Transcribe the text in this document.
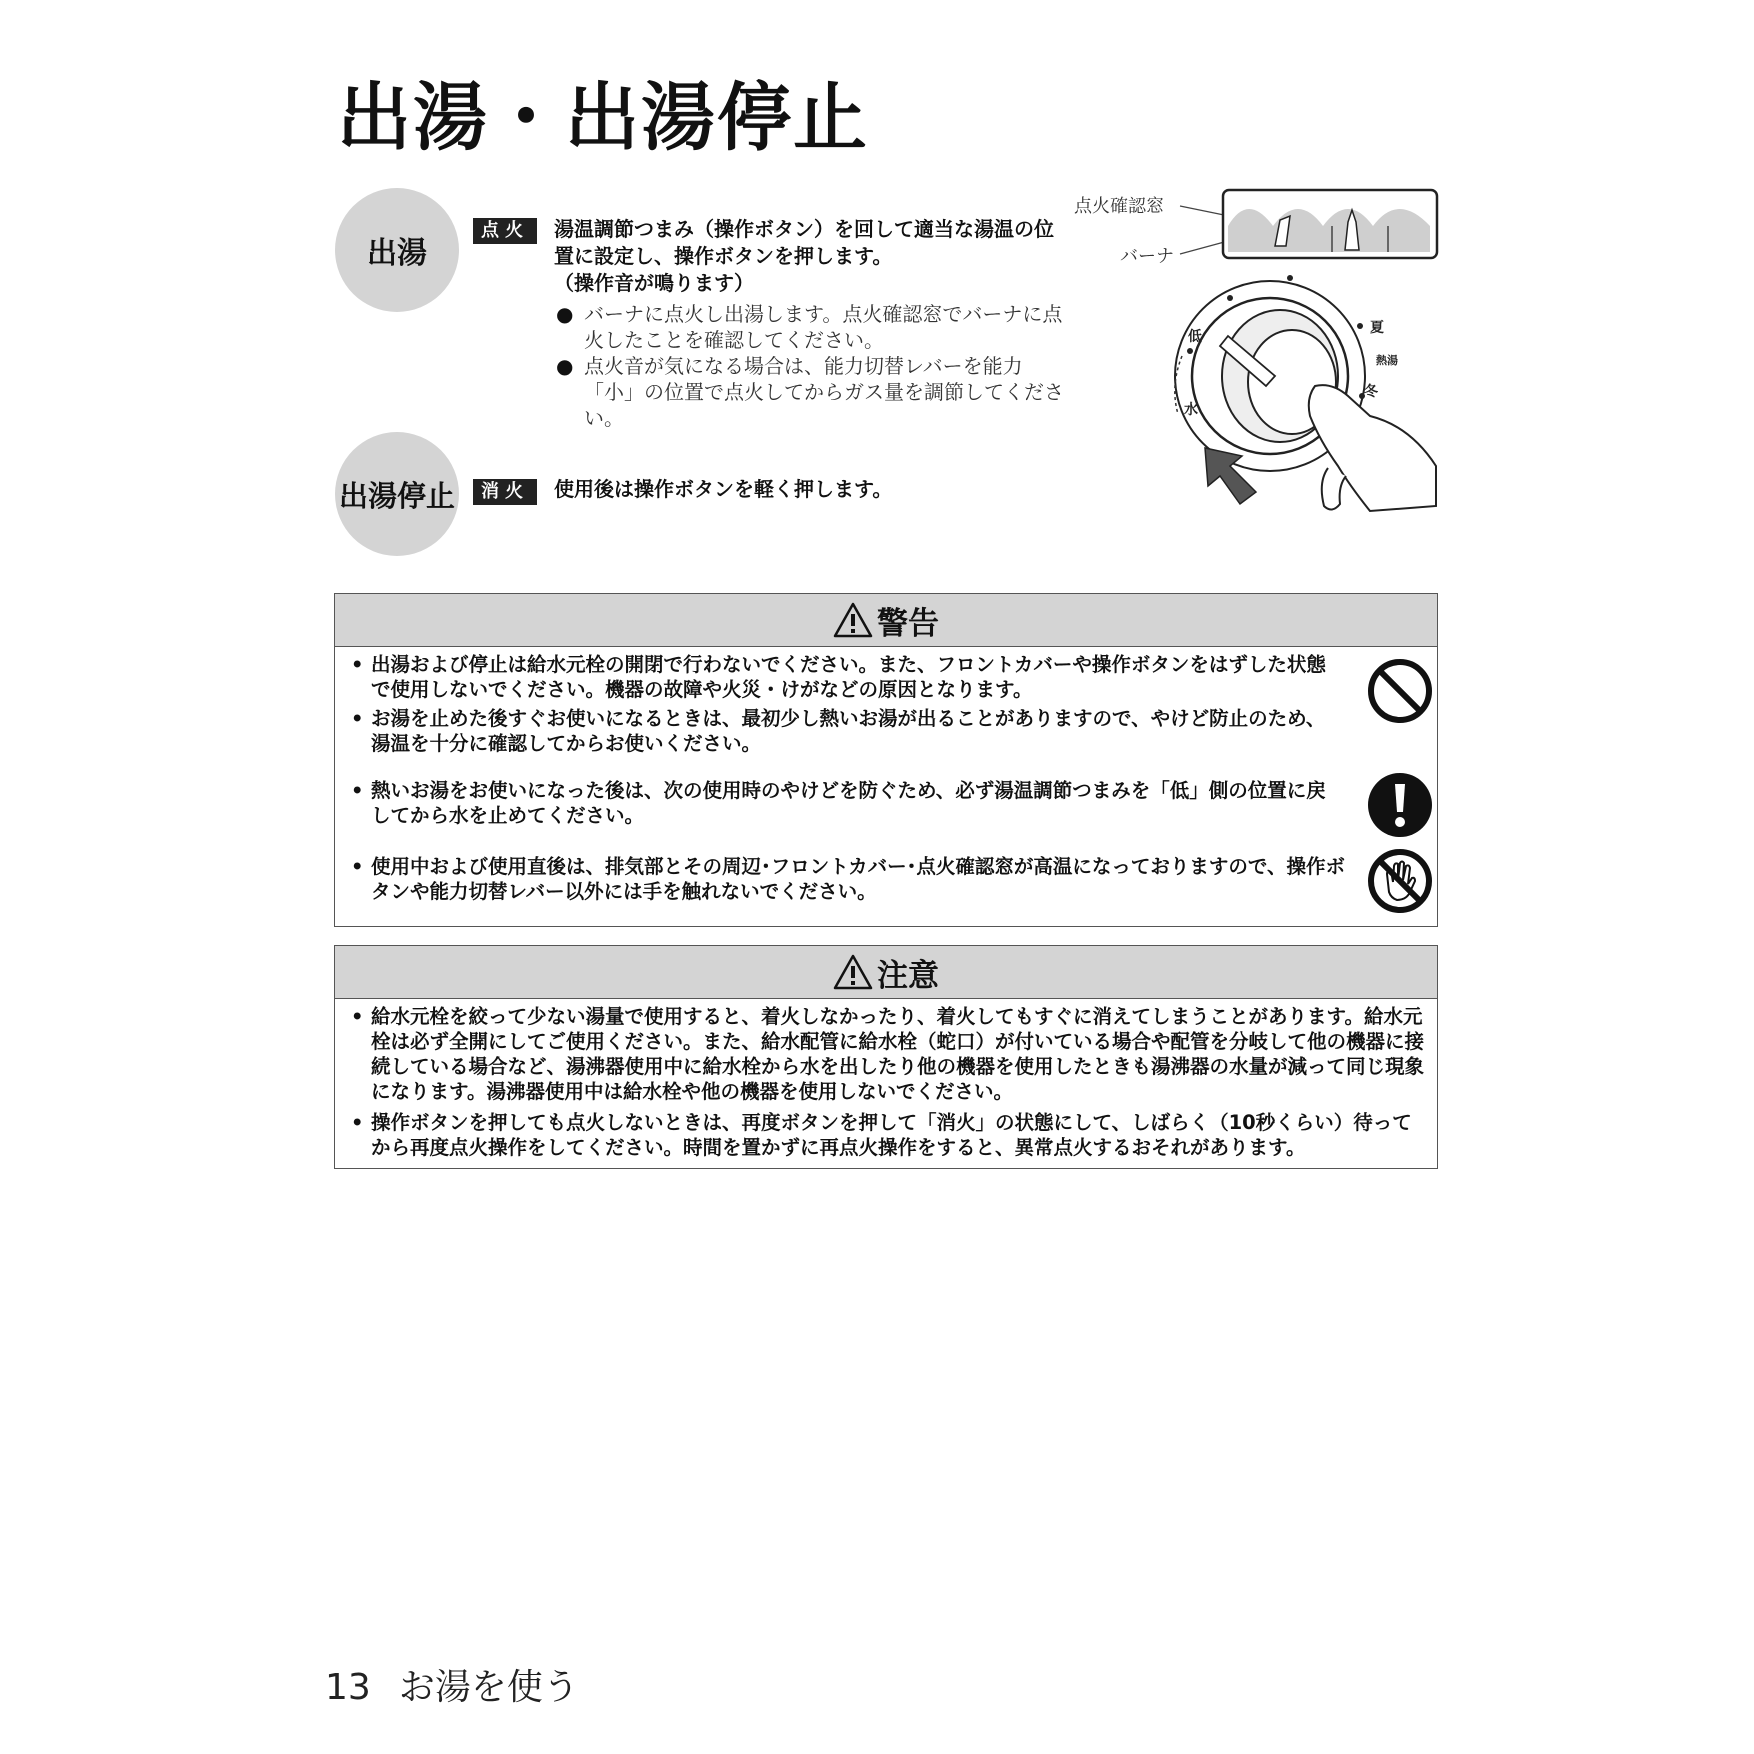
出湯・出湯停止
出湯
点火	湯温調節つまみ（操作ボタン）を回して適当な湯温の位置に設定し、操作ボタンを押します。
（操作音が鳴ります）
● バーナに点火し出湯します。点火確認窓でバーナに点火したことを確認してください。
● 点火音が気になる場合は、能力切替レバーを能力「小」の位置で点火してからガス量を調節してください。
出湯停止	消火	使用後は操作ボタンを軽く押します。
点火確認窓
バーナ
低
水
夏
熱湯
冬
警告
• 出湯および停止は給水元栓の開閉で行わないでください。また、フロントカバーや操作ボタンをはずした状態で使用しないでください。機器の故障や火災・けがなどの原因となります。
• お湯を止めた後すぐお使いになるときは、最初少し熱いお湯が出ることがありますので、やけど防止のため、湯温を十分に確認してからお使いください。
• 熱いお湯をお使いになった後は、次の使用時のやけどを防ぐため、必ず湯温調節つまみを「低」側の位置に戻してから水を止めてください。
• 使用中および使用直後は、排気部とその周辺･フロントカバー･点火確認窓が高温になっておりますので、操作ボタンや能力切替レバー以外には手を触れないでください。
注意
• 給水元栓を絞って少ない湯量で使用すると、着火しなかったり、着火してもすぐに消えてしまうことがあります。給水元栓は必ず全開にしてご使用ください。また、給水配管に給水栓（蛇口）が付いている場合や配管を分岐して他の機器に接続している場合など、湯沸器使用中に給水栓から水を出したり他の機器を使用したときも湯沸器の水量が減って同じ現象になります。湯沸器使用中は給水栓や他の機器を使用しないでください。
• 操作ボタンを押しても点火しないときは、再度ボタンを押して「消火」の状態にして、しばらく（10秒くらい）待ってから再度点火操作をしてください。時間を置かずに再点火操作をすると、異常点火するおそれがあります。
13 お湯を使う
